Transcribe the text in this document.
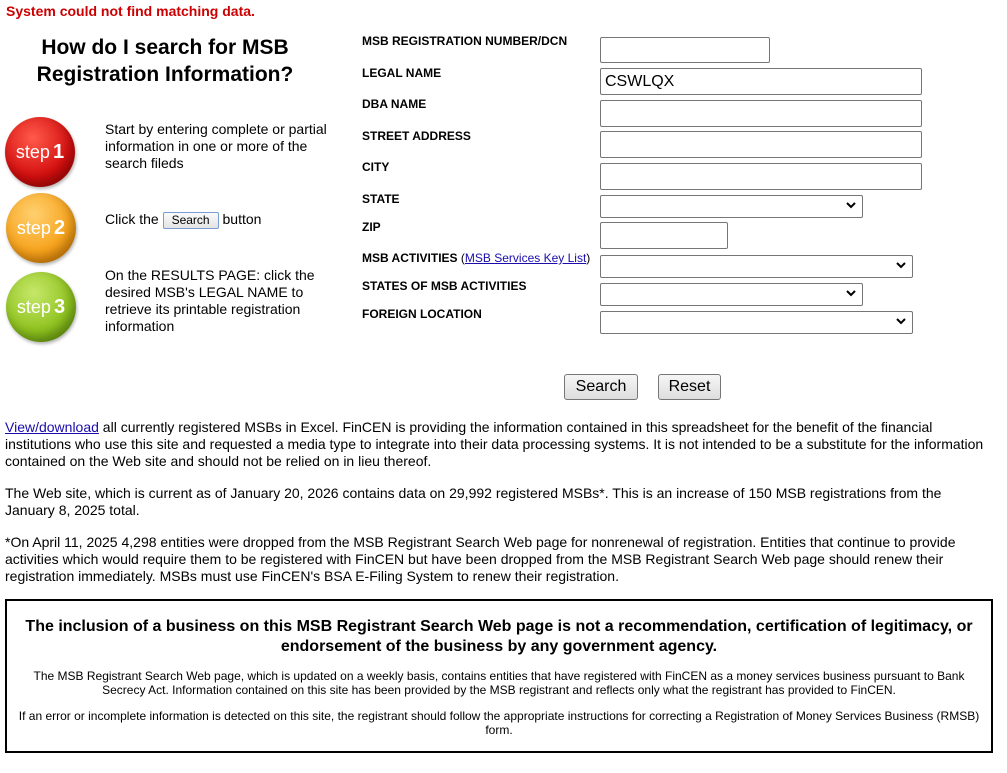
System could not find matching data.
How do I search for MSB Registration Information?
step 1
Start by entering complete or partial information in one or more of the search fileds
step 2	Click the Search button
step 3
On the RESULTS PAGE: click the desired MSB's LEGAL NAME to retrieve its printable registration information
MSB REGISTRATION NUMBER/DCN
LEGAL NAME
DBA NAME
STREET ADDRESS
CITY
STATE
ZIP
MSB ACTIVITIES (MSB Services Key List)
STATES OF MSB ACTIVITIES
FOREIGN LOCATION
CSWLQX
Search	Reset
View/download all currently registered MSBs in Excel. FinCEN is providing the information contained in this spreadsheet for the benefit of the financial institutions who use this site and requested a media type to integrate into their data processing systems. It is not intended to be a substitute for the information contained on the Web site and should not be relied on in lieu thereof.
The Web site, which is current as of January 20, 2026 contains data on 29,992 registered MSBs*. This is an increase of 150 MSB registrations from the January 8, 2025 total.
*On April 11, 2025 4,298 entities were dropped from the MSB Registrant Search Web page for nonrenewal of registration. Entities that continue to provide activities which would require them to be registered with FinCEN but have been dropped from the MSB Registrant Search Web page should renew their registration immediately. MSBs must use FinCEN's BSA E-Filing System to renew their registration.
The inclusion of a business on this MSB Registrant Search Web page is not a recommendation, certification of legitimacy, or endorsement of the business by any government agency.
The MSB Registrant Search Web page, which is updated on a weekly basis, contains entities that have registered with FinCEN as a money services business pursuant to Bank Secrecy Act. Information contained on this site has been provided by the MSB registrant and reflects only what the registrant has provided to FinCEN.
If an error or incomplete information is detected on this site, the registrant should follow the appropriate instructions for correcting a Registration of Money Services Business (RMSB) form.
